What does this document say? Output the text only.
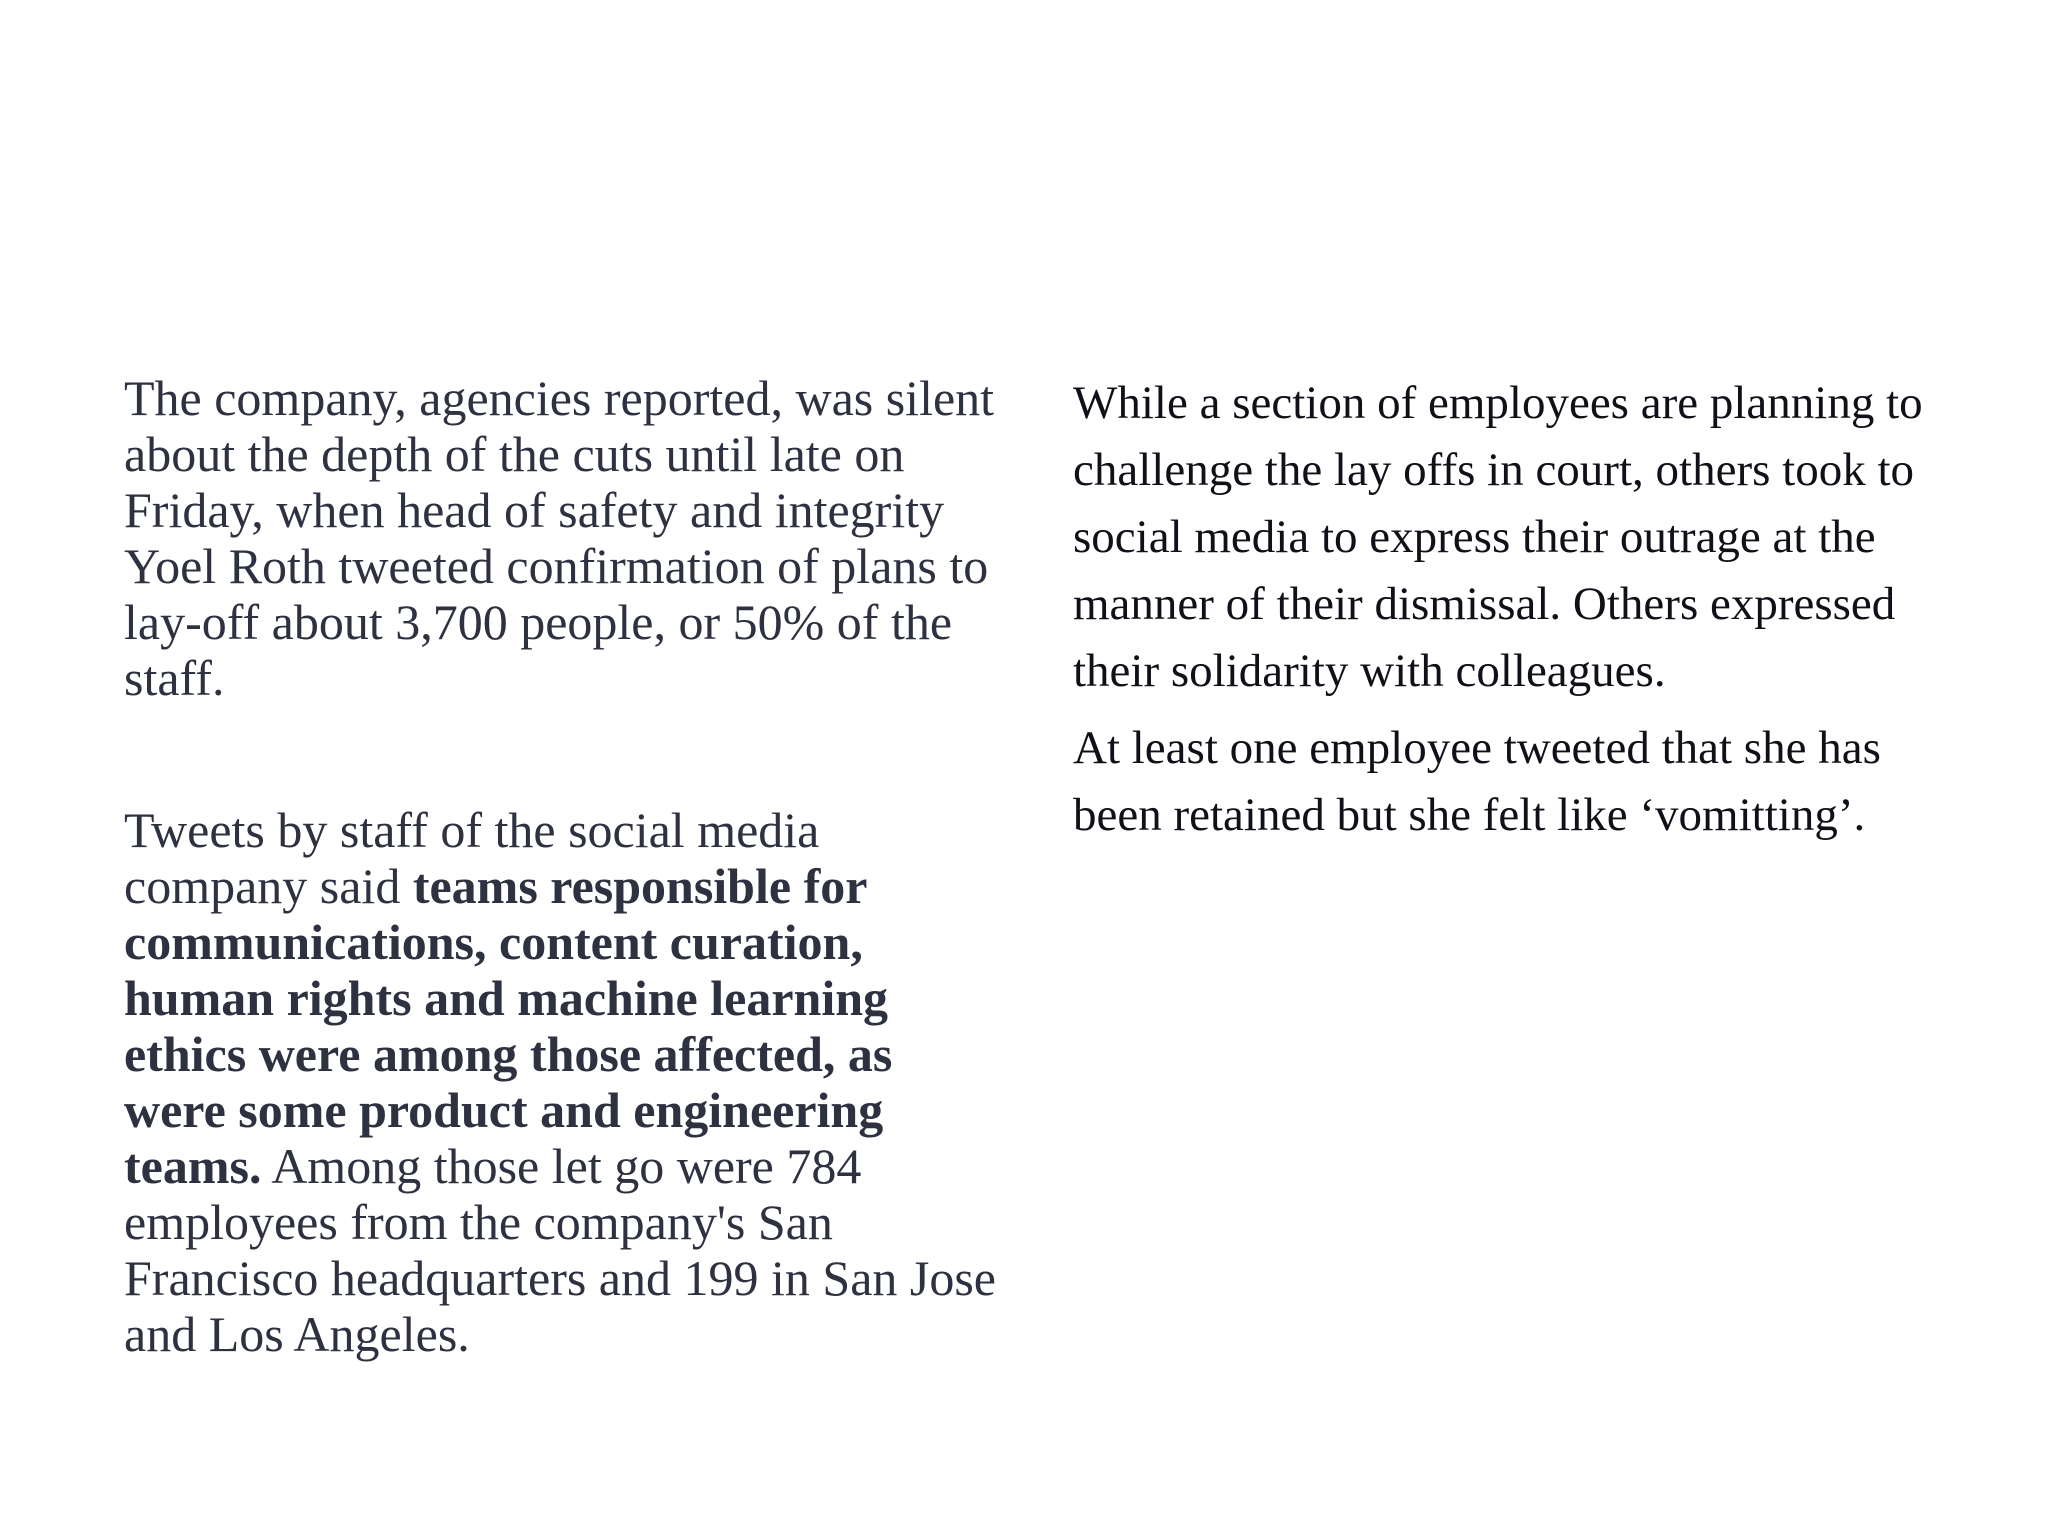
The company, agencies reported, was silent about the depth of the cuts until late on Friday, when head of safety and integrity Yoel Roth tweeted confirmation of plans to lay-off about 3,700 people, or 50% of the staff.

Tweets by staff of the social media company said teams responsible for communications, content curation, human rights and machine learning ethics were among those affected, as were some product and engineering teams. Among those let go were 784 employees from the company's San Francisco headquarters and 199 in San Jose and Los Angeles.

While a section of employees are planning to challenge the lay offs in court, others took to social media to express their outrage at the manner of their dismissal. Others expressed their solidarity with colleagues.

At least one employee tweeted that she has been retained but she felt like ‘vomitting’.
